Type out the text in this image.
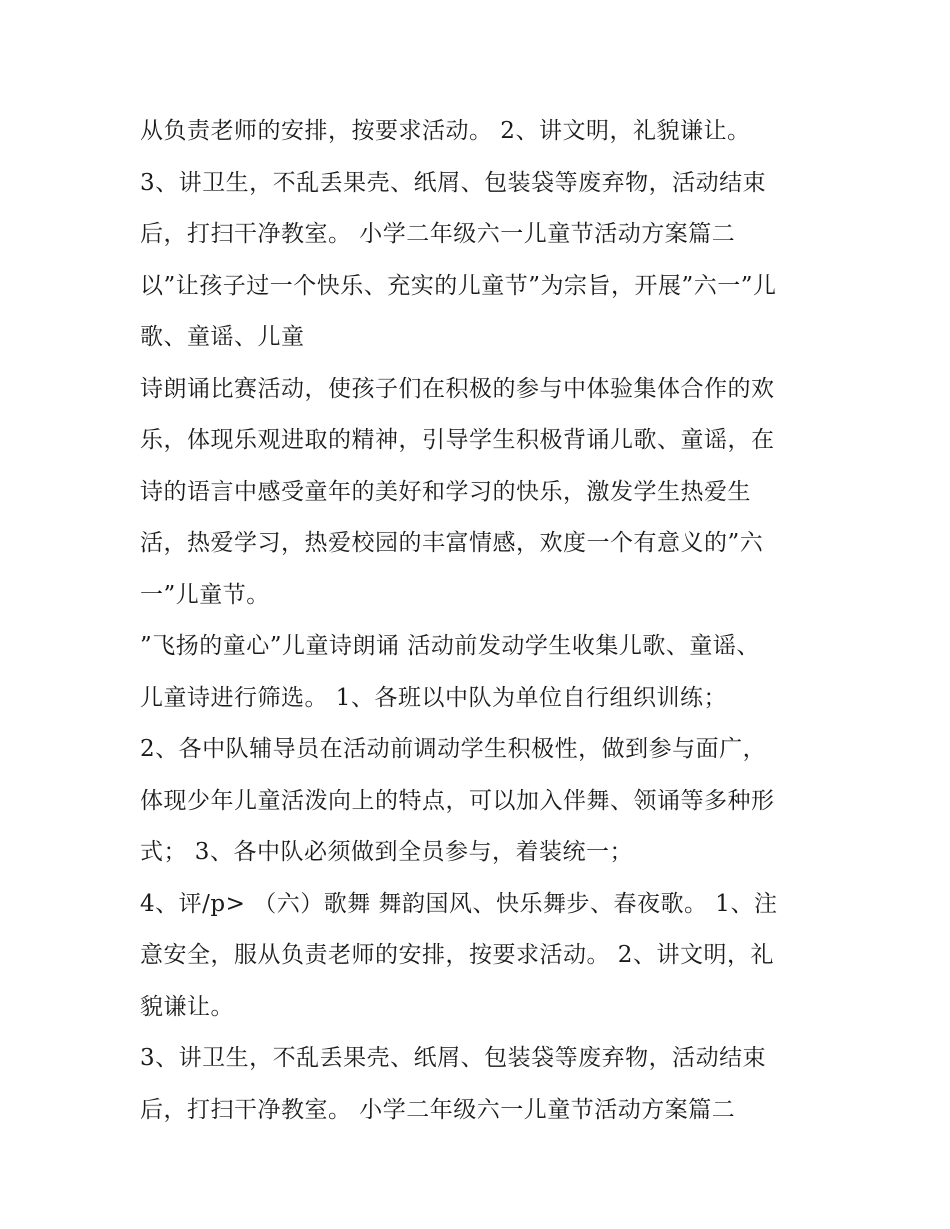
从负责老师的安排，按要求活动。 2、讲文明，礼貌谦让。
3、讲卫生，不乱丢果壳、纸屑、包装袋等废弃物，活动结束
后，打扫干净教室。 小学二年级六一儿童节活动方案篇二
以”让孩子过一个快乐、充实的儿童节”为宗旨，开展”六一”儿
歌、童谣、儿童
诗朗诵比赛活动，使孩子们在积极的参与中体验集体合作的欢
乐，体现乐观进取的精神，引导学生积极背诵儿歌、童谣，在
诗的语言中感受童年的美好和学习的快乐，激发学生热爱生
活，热爱学习，热爱校园的丰富情感，欢度一个有意义的”六
一”儿童节。
”飞扬的童心”儿童诗朗诵 活动前发动学生收集儿歌、童谣、
儿童诗进行筛选。 1、各班以中队为单位自行组织训练；
2、各中队辅导员在活动前调动学生积极性，做到参与面广，
体现少年儿童活泼向上的特点，可以加入伴舞、领诵等多种形
式； 3、各中队必须做到全员参与，着装统一；
4、评/p> （六）歌舞 舞韵国风、快乐舞步、春夜歌。 1、注
意安全，服从负责老师的安排，按要求活动。 2、讲文明，礼
貌谦让。
3、讲卫生，不乱丢果壳、纸屑、包装袋等废弃物，活动结束
后，打扫干净教室。 小学二年级六一儿童节活动方案篇二
